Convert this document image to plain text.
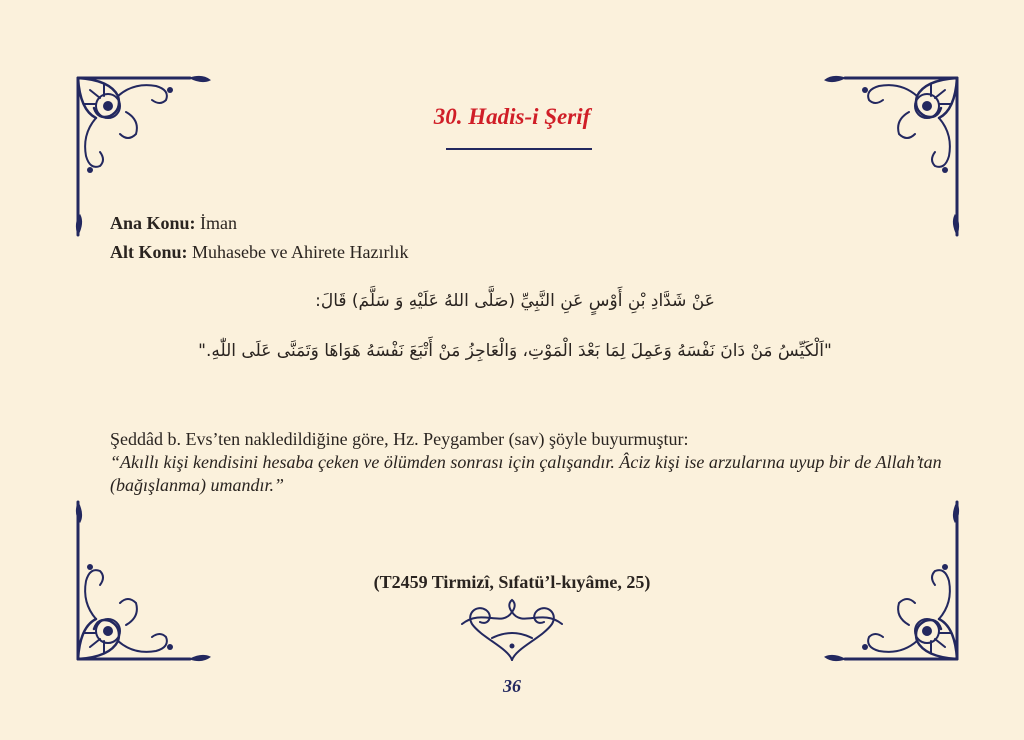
30. Hadis-i Şerif
Ana Konu: İman
Alt Konu: Muhasebe ve Ahirete Hazırlık
عَنْ شَدَّادِ بْنِ أَوْسٍ عَنِ النَّبِيِّ (صَلَّى اللهُ عَلَيْهِ وَ سَلَّمَ) قَالَ:
"اَلْكَيِّسُ مَنْ دَانَ نَفْسَهُ وَعَمِلَ لِمَا بَعْدَ الْمَوْتِ، وَالْعَاجِزُ مَنْ أَتْبَعَ نَفْسَهُ هَوَاهَا وَتَمَنَّى عَلَى اللّٰهِ."
Şeddâd b. Evs’ten nakledildiğine göre, Hz. Peygamber (sav) şöyle buyurmuştur:
“Akıllı kişi kendisini hesaba çeken ve ölümden sonrası için çalışandır. Âciz kişi ise arzularına uyup bir de Allah’tan (bağışlanma) umandır.”
(T2459 Tirmizî, Sıfatü’l-kıyâme, 25)
36
